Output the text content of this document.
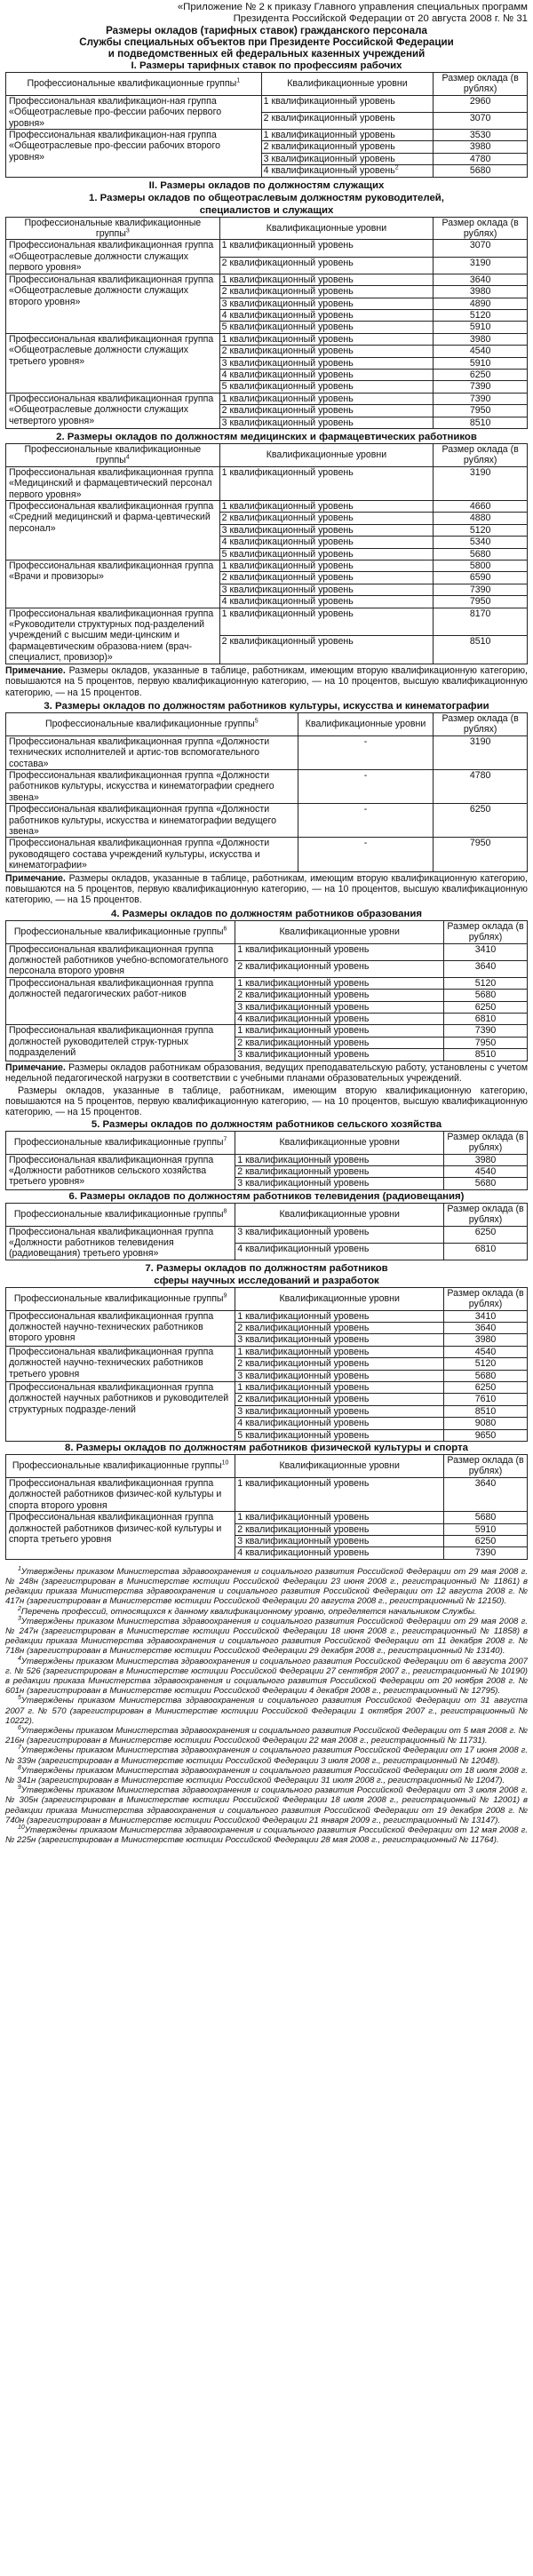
«Приложение № 2 к приказу Главного управления специальных программ
Президента Российской Федерации от 20 августа 2008 г. № 31
Размеры окладов (тарифных ставок) гражданского персонала
Службы специальных объектов при Президенте Российской Федерации
и подведомственных ей федеральных казенных учреждений
I. Размеры тарифных ставок по профессиям рабочих
Профессиональные квалификационные группы$^1$	Квалификационные уровни	Размер оклада (в рублях)
Профессиональная квалификацион-ная группа «Общеотраслевые про-фессии рабочих первого уровня»	1 квалификационный уровень	2960
	2 квалификационный уровень	3070
Профессиональная квалификацион-ная группа «Общеотраслевые про-фессии рабочих второго уровня»	1 квалификационный уровень	3530
	2 квалификационный уровень	3980
	3 квалификационный уровень	4780
	4 квалификационный уровень$^2$	5680
II. Размеры окладов по должностям служащих
1. Размеры окладов по общеотраслевым должностям руководителей,
специалистов и служащих
Профессиональные квалификационные группы$^3$	Квалификационные уровни	Размер оклада (в рублях)
Профессиональная квалификационная группа «Общеотраслевые должности служащих первого уровня»	1 квалификационный уровень	3070
	2 квалификационный уровень	3190
Профессиональная квалификационная группа «Общеотраслевые должности служащих второго уровня»	1 квалификационный уровень	3640
	2 квалификационный уровень	3980
	3 квалификационный уровень	4890
	4 квалификационный уровень	5120
	5 квалификационный уровень	5910
Профессиональная квалификационная группа «Общеотраслевые должности служащих третьего уровня»	1 квалификационный уровень	3980
	2 квалификационный уровень	4540
	3 квалификационный уровень	5910
	4 квалификационный уровень	6250
	5 квалификационный уровень	7390
Профессиональная квалификационная группа «Общеотраслевые должности служащих четвертого уровня»	1 квалификационный уровень	7390
	2 квалификационный уровень	7950
	3 квалификационный уровень	8510
2. Размеры окладов по должностям медицинских и фармацевтических работников
Профессиональные квалификационные группы$^4$	Квалификационные уровни	Размер оклада (в рублях)
Профессиональная квалификационная группа «Медицинский и фармацевтический персонал первого уровня»	1 квалификационный уровень	3190
Профессиональная квалификационная группа «Средний медицинский и фарма-цевтический персонал»	1 квалификационный уровень	4660
	2 квалификационный уровень	4880
	3 квалификационный уровень	5120
	4 квалификационный уровень	5340
	5 квалификационный уровень	5680
Профессиональная квалификационная группа «Врачи и провизоры»	1 квалификационный уровень	5800
	2 квалификационный уровень	6590
	3 квалификационный уровень	7390
	4 квалификационный уровень	7950
Профессиональная квалификационная группа «Руководители структурных под-разделений учреждений с высшим меди-цинским и фармацевтическим образова-нием (врач-специалист, провизор)»	1 квалификационный уровень	8170
	2 квалификационный уровень	8510

Примечание. Размеры окладов, указанные в таблице, работникам, имеющим вторую квалификационную категорию, повышаются на 5 процентов, первую квалификационную категорию, — на 10 процентов, высшую квалификационную категорию, — на 15 процентов.

3. Размеры окладов по должностям работников культуры, искусства и кинематографии
Профессиональные квалификационные группы$^5$	Квалификационные уровни	Размер оклада (в рублях)
Профессиональная квалификационная группа «Должности технических исполнителей и артис-тов вспомогательного состава»	-	3190
Профессиональная квалификационная группа «Должности работников культуры, искусства и кинематографии среднего звена»	-	4780
Профессиональная квалификационная группа «Должности работников культуры, искусства и кинематографии ведущего звена»	-	6250
Профессиональная квалификационная группа «Должности руководящего состава учреждений культуры, искусства и кинематографии»	-	7950

Примечание. Размеры окладов, указанные в таблице, работникам, имеющим вторую квалификационную категорию, повышаются на 5 процентов, первую квалификационную категорию, — на 10 процентов, высшую квалификационную категорию, — на 15 процентов.

4. Размеры окладов по должностям работников образования
Профессиональные квалификационные группы$^6$	Квалификационные уровни	Размер оклада (в рублях)
Профессиональная квалификационная группа должностей работников учебно-вспомогательного персонала второго уровня	1 квалификационный уровень	3410
	2 квалификационный уровень	3640
Профессиональная квалификационная группа должностей педагогических работ-ников	1 квалификационный уровень	5120
	2 квалификационный уровень	5680
	3 квалификационный уровень	6250
	4 квалификационный уровень	6810
Профессиональная квалификационная группа должностей руководителей струк-турных подразделений	1 квалификационный уровень	7390
	2 квалификационный уровень	7950
	3 квалификационный уровень	8510

Примечание. Размеры окладов работникам образования, ведущих преподавательскую работу, установлены с учетом недельной педагогической нагрузки в соответствии с учебными планами образовательных учреждений.

Размеры окладов, указанные в таблице, работникам, имеющим вторую квалификационную категорию, повышаются на 5 процентов, первую квалификационную категорию, — на 10 процентов, высшую квалификационную категорию, — на 15 процентов.

5. Размеры окладов по должностям работников сельского хозяйства
Профессиональные квалификационные группы$^7$	Квалификационные уровни	Размер оклада (в рублях)
Профессиональная квалификационная группа «Должности работников сельского хозяйства третьего уровня»	1 квалификационный уровень	3980
	2 квалификационный уровень	4540
	3 квалификационный уровень	5680
6. Размеры окладов по должностям работников телевидения (радиовещания)
Профессиональные квалификационные группы$^8$	Квалификационные уровни	Размер оклада (в рублях)
Профессиональная квалификационная группа «Должности работников телевидения (радиовещания) третьего уровня»	3 квалификационный уровень	6250
	4 квалификационный уровень	6810
7. Размеры окладов по должностям работников
сферы научных исследований и разработок
Профессиональные квалификационные группы$^9$	Квалификационные уровни	Размер оклада (в рублях)
Профессиональная квалификационная группа должностей научно-технических работников второго уровня	1 квалификационный уровень	3410
	2 квалификационный уровень	3640
	3 квалификационный уровень	3980
Профессиональная квалификационная группа должностей научно-технических работников третьего уровня	1 квалификационный уровень	4540
	2 квалификационный уровень	5120
	3 квалификационный уровень	5680
Профессиональная квалификационная группа должностей научных работников и руководителей структурных подразде-лений	1 квалификационный уровень	6250
	2 квалификационный уровень	7610
	3 квалификационный уровень	8510
	4 квалификационный уровень	9080
	5 квалификационный уровень	9650
8. Размеры окладов по должностям работников физической культуры и спорта
Профессиональные квалификационные группы$^{10}$	Квалификационные уровни	Размер оклада (в рублях)
Профессиональная квалификационная группа должностей работников физичес-кой культуры и спорта второго уровня	1 квалификационный уровень	3640
Профессиональная квалификационная группа должностей работников физичес-кой культуры и спорта третьего уровня	1 квалификационный уровень	5680
	2 квалификационный уровень	5910
	3 квалификационный уровень	6250
	4 квалификационный уровень	7390

$^1$Утверждены приказом Министерства здравоохранения и социального развития Российской Федерации от 29 мая 2008 г. № 248н (зарегистрирован в Министерстве юстиции Российской Федерации 23 июня 2008 г., регистрационный № 11861) в редакции приказа Министерства здравоохранения и социального развития Российской Федерации от 12 августа 2008 г. № 417н (зарегистрирован в Министерстве юстиции Российской Федерации 20 августа 2008 г., регистрационный № 12150).

$^2$Перечень профессий, относящихся к данному квалификационному уровню, определяется начальником Службы.

$^3$Утверждены приказом Министерства здравоохранения и социального развития Российской Федерации от 29 мая 2008 г. № 247н (зарегистрирован в Министерстве юстиции Российской Федерации 18 июня 2008 г., регистрационный № 11858) в редакции приказа Министерства здравоохранения и социального развития Российской Федерации от 11 декабря 2008 г. № 718н (зарегистрирован в Министерстве юстиции Российской Федерации 29 декабря 2008 г., регистрационный № 13140).

$^4$Утверждены приказом Министерства здравоохранения и социального развития Российской Федерации от 6 августа 2007 г. № 526 (зарегистрирован в Министерстве юстиции Российской Федерации 27 сентября 2007 г., регистрационный № 10190) в редакции приказа Министерства здравоохранения и социального развития Российской Федерации от 20 ноября 2008 г. № 601н (зарегистрирован в Министерстве юстиции Российской Федерации 4 декабря 2008 г., регистрационный № 12795).

$^5$Утверждены приказом Министерства здравоохранения и социального развития Российской Федерации от 31 августа 2007 г. № 570 (зарегистрирован в Министерстве юстиции Российской Федерации 1 октября 2007 г., регистрационный № 10222).

$^6$Утверждены приказом Министерства здравоохранения и социального развития Российской Федерации от 5 мая 2008 г. № 216н (зарегистрирован в Министерстве юстиции Российской Федерации 22 мая 2008 г., регистрационный № 11731).

$^7$Утверждены приказом Министерства здравоохранения и социального развития Российской Федерации от 17 июня 2008 г. № 339н (зарегистрирован в Министерстве юстиции Российской Федерации 3 июля 2008 г., регистрационный № 12048).

$^8$Утверждены приказом Министерства здравоохранения и социального развития Российской Федерации от 18 июля 2008 г. № 341н (зарегистрирован в Министерстве юстиции Российской Федерации 31 июля 2008 г., регистрационный № 12047).

$^9$Утверждены приказом Министерства здравоохранения и социального развития Российской Федерации от 3 июля 2008 г. № 305н (зарегистрирован в Министерстве юстиции Российской Федерации 18 июля 2008 г., регистрационный № 12001) в редакции приказа Министерства здравоохранения и социального развития Российской Федерации от 19 декабря 2008 г. № 740н (зарегистрирован в Министерстве юстиции Российской Федерации 21 января 2009 г., регистрационный № 13147).

$^{10}$Утверждены приказом Министерства здравоохранения и социального развития Российской Федерации от 12 мая 2008 г. № 225н (зарегистрирован в Министерстве юстиции Российской Федерации 28 мая 2008 г., регистрационный № 11764).
